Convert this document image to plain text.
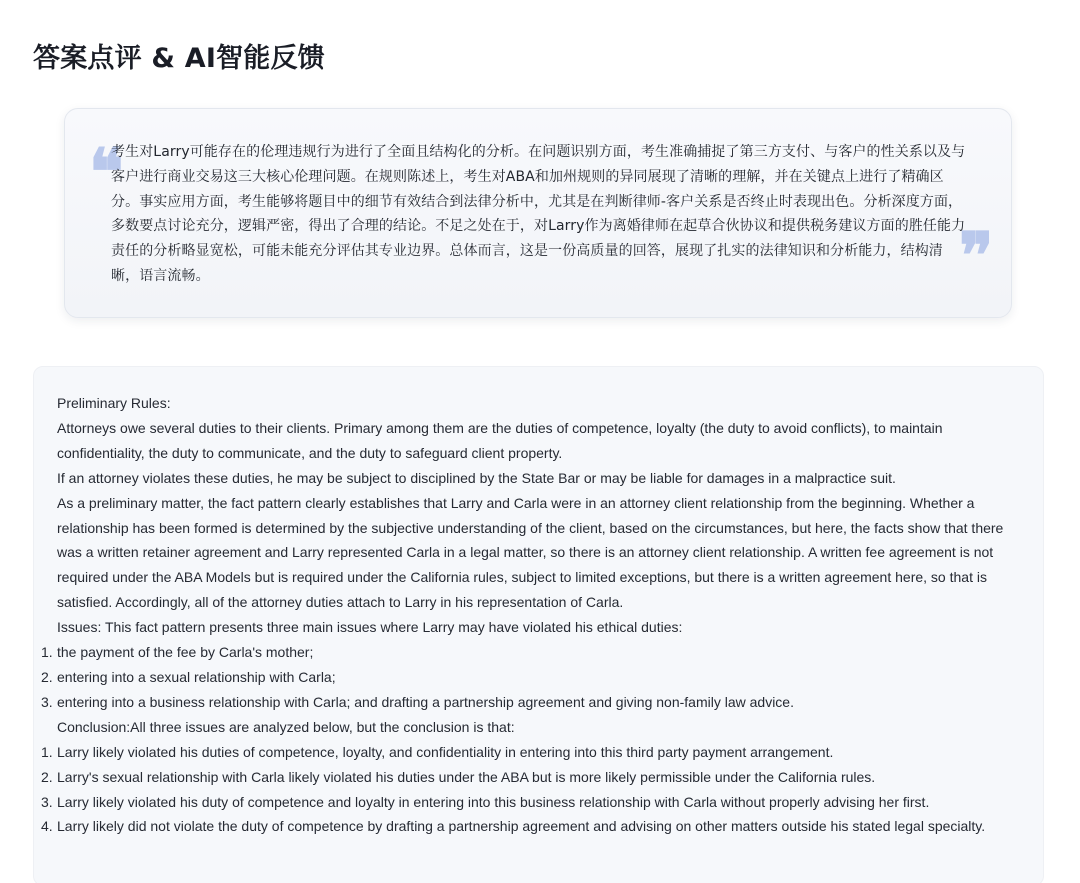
答案点评 & AI智能反馈
❝

考生对Larry可能存在的伦理违规行为进行了全面且结构化的分析。在问题识别方面，考生准确捕捉了第三方支付、与客户的性关系以及与客户进行商业交易这三大核心伦理问题。在规则陈述上，考生对ABA和加州规则的异同展现了清晰的理解，并在关键点上进行了精确区分。事实应用方面，考生能够将题目中的细节有效结合到法律分析中，尤其是在判断律师-客户关系是否终止时表现出色。分析深度方面，多数要点讨论充分，逻辑严密，得出了合理的结论。不足之处在于，对Larry作为离婚律师在起草合伙协议和提供税务建议方面的胜任能力责任的分析略显宽松，可能未能充分评估其专业边界。总体而言，这是一份高质量的回答，展现了扎实的法律知识和分析能力，结构清晰，语言流畅。	❞

Preliminary Rules:

Attorneys owe several duties to their clients. Primary among them are the duties of competence, loyalty (the duty to avoid conflicts), to maintain confidentiality, the duty to communicate, and the duty to safeguard client property.

If an attorney violates these duties, he may be subject to disciplined by the State Bar or may be liable for damages in a malpractice suit.

As a preliminary matter, the fact pattern clearly establishes that Larry and Carla were in an attorney client relationship from the beginning. Whether a relationship has been formed is determined by the subjective understanding of the client, based on the circumstances, but here, the facts show that there was a written retainer agreement and Larry represented Carla in a legal matter, so there is an attorney client relationship. A written fee agreement is not required under the ABA Models but is required under the California rules, subject to limited exceptions, but there is a written agreement here, so that is satisfied. Accordingly, all of the attorney duties attach to Larry in his representation of Carla.

Issues: This fact pattern presents three main issues where Larry may have violated his ethical duties:

1. the payment of the fee by Carla's mother;
2. entering into a sexual relationship with Carla;
3. entering into a business relationship with Carla; and drafting a partnership agreement and giving non-family law advice.

Conclusion:All three issues are analyzed below, but the conclusion is that:

1. Larry likely violated his duties of competence, loyalty, and confidentiality in entering into this third party payment arrangement.
2. Larry's sexual relationship with Carla likely violated his duties under the ABA but is more likely permissible under the California rules.
3. Larry likely violated his duty of competence and loyalty in entering into this business relationship with Carla without properly advising her first.
4. Larry likely did not violate the duty of competence by drafting a partnership agreement and advising on other matters outside his stated legal specialty.
